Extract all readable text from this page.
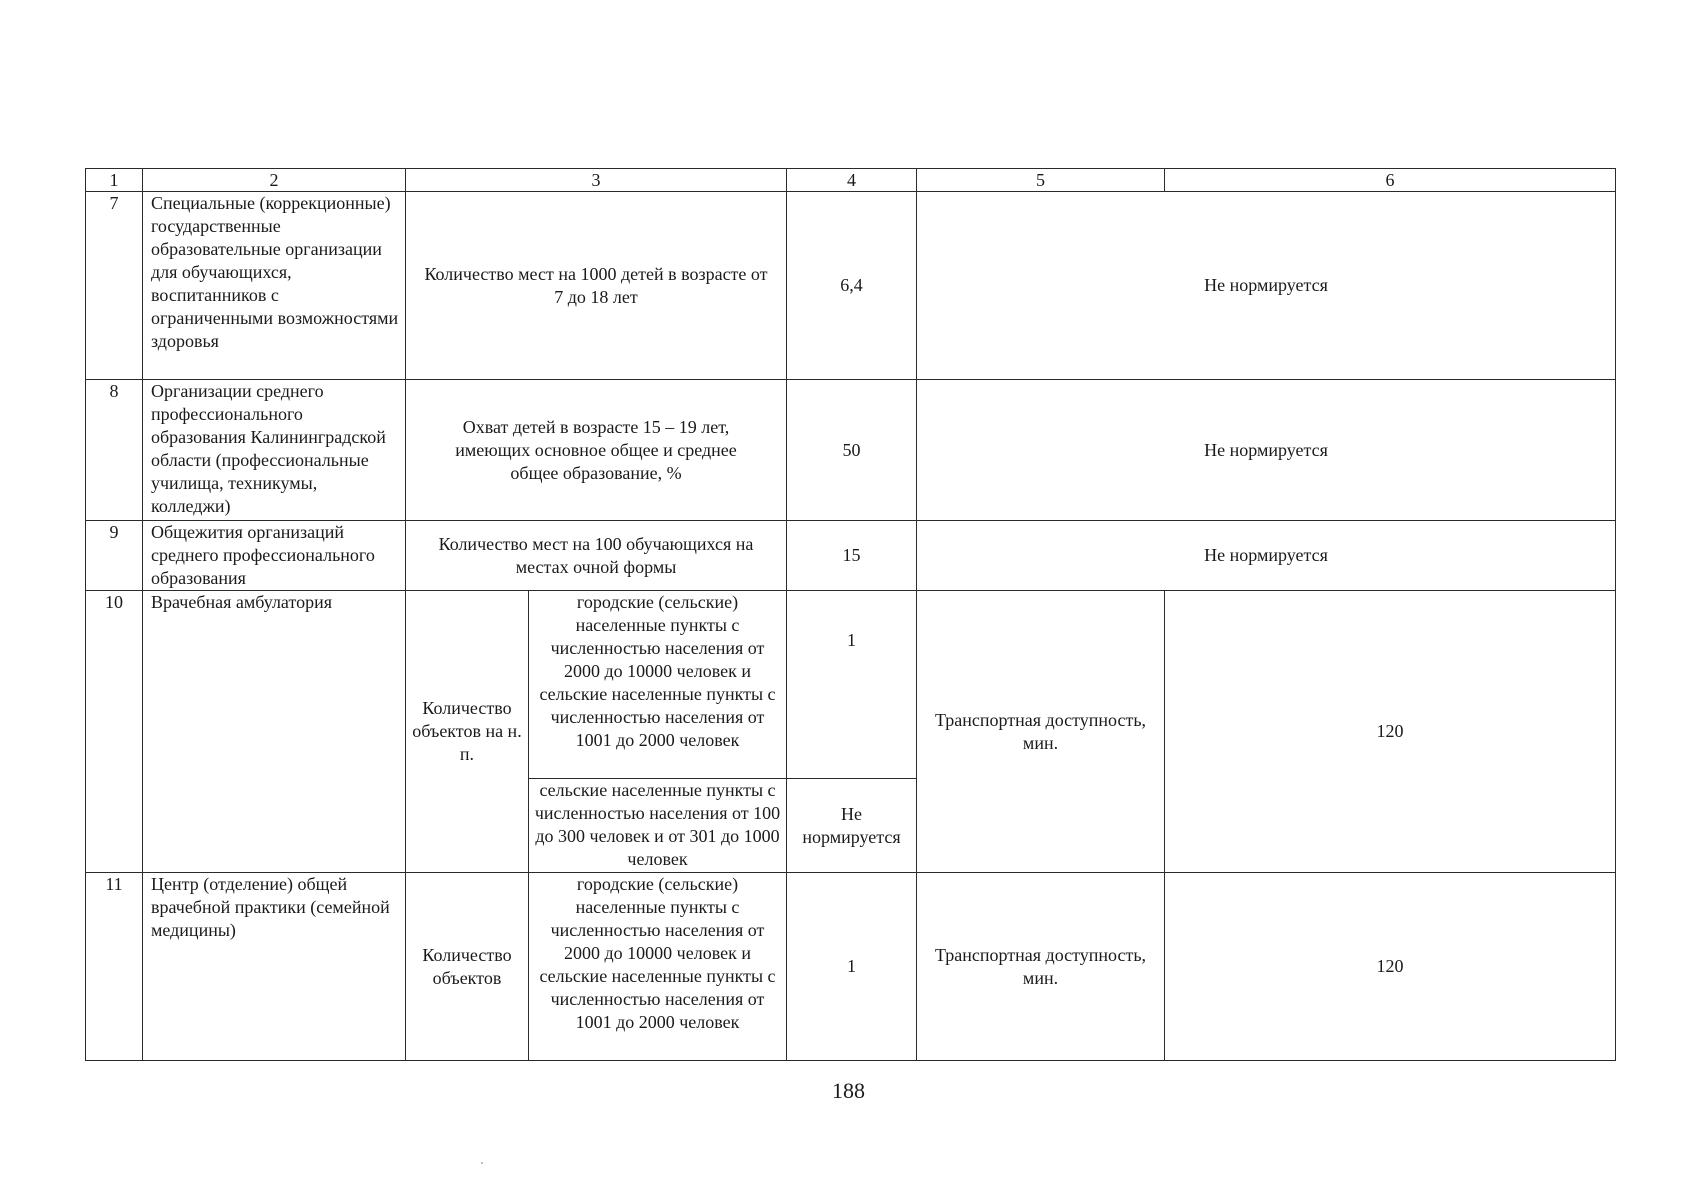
1	2	3		4	5	6
7	Специальные (коррекционные) государственные образовательные организации для обучающихся, воспитанников с ограниченными возможностями здоровья	Количество мест на 1000 детей в возрасте от 7 до 18 лет		6,4	Не нормируется	
8	Организации среднего профессионального образования Калининградской области (профессиональные училища, техникумы, колледжи)	Охват детей в возрасте 15 – 19 лет, имеющих основное общее и среднее общее образование, %		50	Не нормируется	
9	Общежития организаций среднего профессионального образования	Количество мест на 100 обучающихся на местах очной формы		15	Не нормируется	
10	Врачебная амбулатория	Количество объектов на н. п.	городские (сельские) населенные пункты с численностью населения от 2000 до 10000 человек и сельские населенные пункты с численностью населения от 1001 до 2000 человек	1	Транспортная доступность, мин.	120
			сельские населенные пункты с численностью населения от 100 до 300 человек и от 301 до 1000 человек	Не нормируется		
11	Центр (отделение) общей врачебной практики (семейной медицины)	Количество объектов	городские (сельские) населенные пункты с численностью населения от 2000 до 10000 человек и сельские населенные пункты с численностью населения от 1001 до 2000 человек	1	Транспортная доступность, мин.	120
188
